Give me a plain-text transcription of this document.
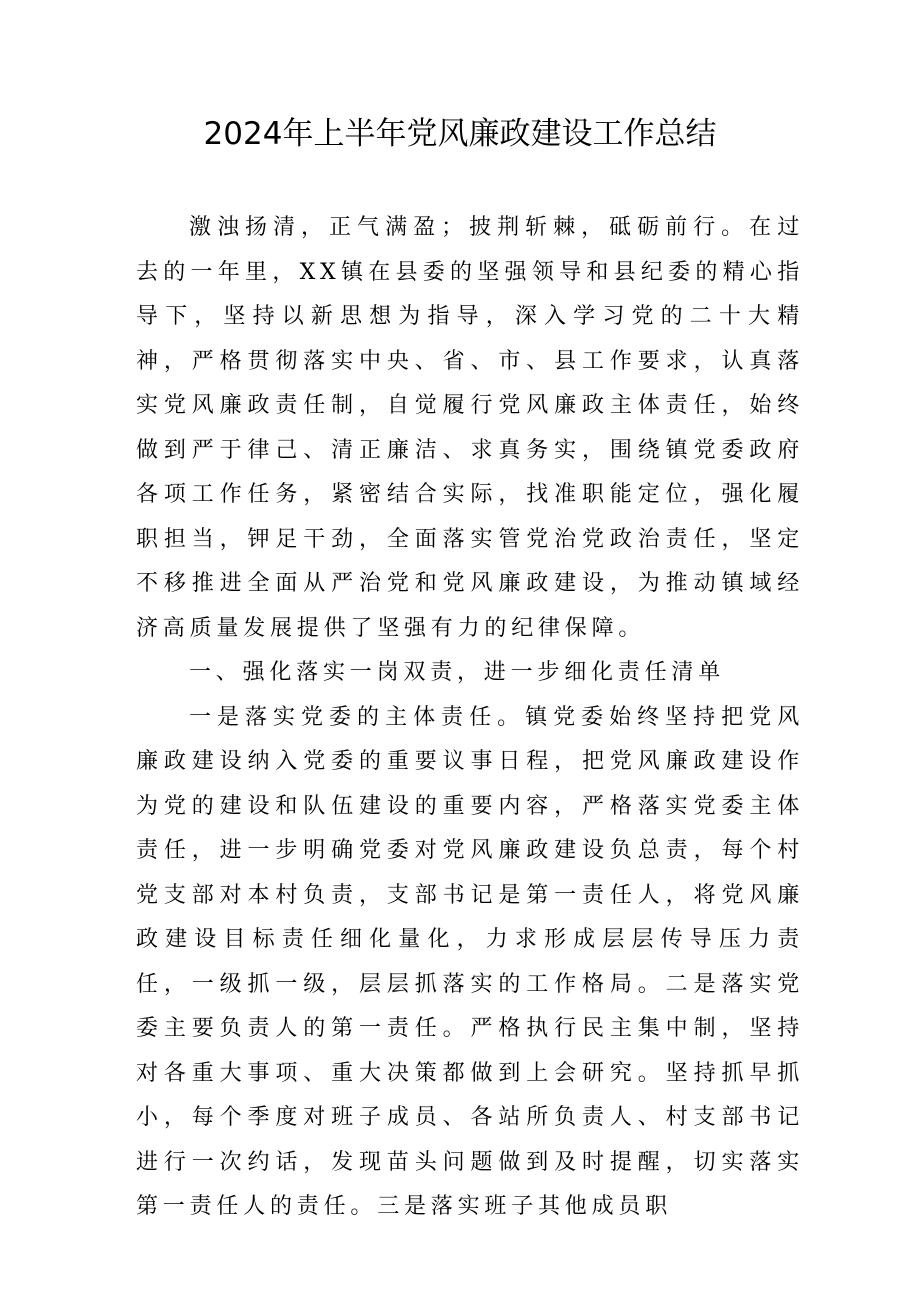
2024年上半年党风廉政建设工作总结

激浊扬清，正气满盈；披荆斩棘，砥砺前行。在过去的一年里，XX镇在县委的坚强领导和县纪委的精心指导下，坚持以新思想为指导，深入学习党的二十大精神，严格贯彻落实中央、省、市、县工作要求，认真落实党风廉政责任制，自觉履行党风廉政主体责任，始终做到严于律己、清正廉洁、求真务实，围绕镇党委政府各项工作任务，紧密结合实际，找准职能定位，强化履职担当，钾足干劲，全面落实管党治党政治责任，坚定不移推进全面从严治党和党风廉政建设，为推动镇域经济高质量发展提供了坚强有力的纪律保障。

一、强化落实一岗双责，进一步细化责任清单

一是落实党委的主体责任。镇党委始终坚持把党风廉政建设纳入党委的重要议事日程，把党风廉政建设作为党的建设和队伍建设的重要内容，严格落实党委主体责任，进一步明确党委对党风廉政建设负总责，每个村党支部对本村负责，支部书记是第一责任人，将党风廉政建设目标责任细化量化，力求形成层层传导压力责任，一级抓一级，层层抓落实的工作格局。二是落实党委主要负责人的第一责任。严格执行民主集中制，坚持对各重大事项、重大决策都做到上会研究。坚持抓早抓小，每个季度对班子成员、各站所负责人、村支部书记进行一次约话，发现苗头问题做到及时提醒，切实落实第一责任人的责任。三是落实班子其他成员职
